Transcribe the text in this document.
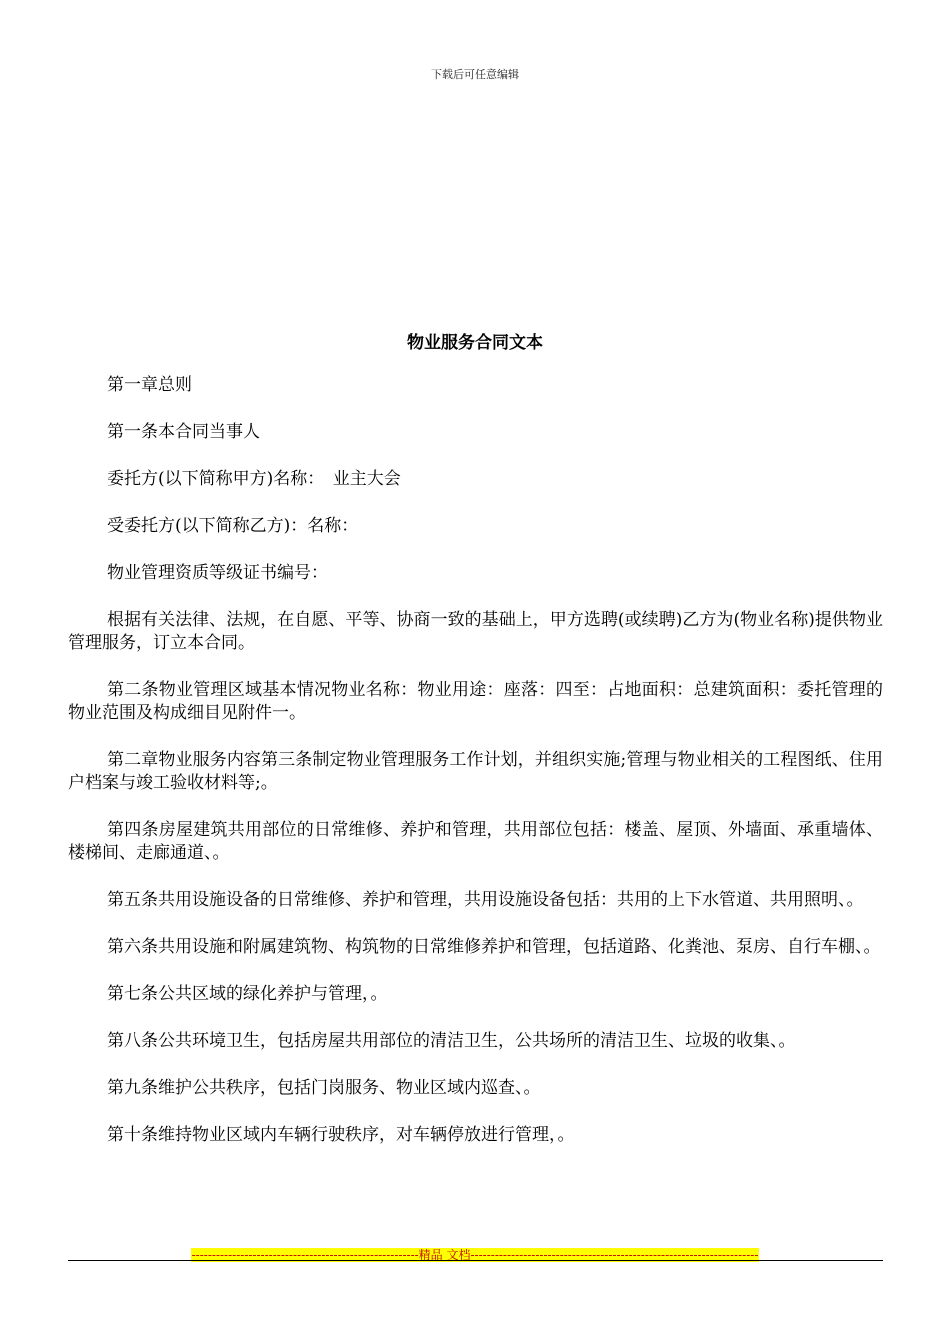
下载后可任意编辑
物业服务合同文本

第一章总则

第一条本合同当事人

委托方(以下简称甲方)名称：　业主大会

受委托方(以下简称乙方)：名称：

物业管理资质等级证书编号：

根据有关法律、法规，在自愿、平等、协商一致的基础上，甲方选聘(或续聘)乙方为(物业名称)提供物业管理服务，订立本合同。

第二条物业管理区域基本情况物业名称：物业用途：座落：四至：占地面积：总建筑面积：委托管理的物业范围及构成细目见附件一。

第二章物业服务内容第三条制定物业管理服务工作计划，并组织实施;管理与物业相关的工程图纸、住用户档案与竣工验收材料等;。

第四条房屋建筑共用部位的日常维修、养护和管理，共用部位包括：楼盖、屋顶、外墙面、承重墙体、楼梯间、走廊通道、。

第五条共用设施设备的日常维修、养护和管理，共用设施设备包括：共用的上下水管道、共用照明、。

第六条共用设施和附属建筑物、构筑物的日常维修养护和管理，包括道路、化粪池、泵房、自行车棚、。

第七条公共区域的绿化养护与管理，。

第八条公共环境卫生，包括房屋共用部位的清洁卫生，公共场所的清洁卫生、垃圾的收集、。

第九条维护公共秩序，包括门岗服务、物业区域内巡查、。

第十条维持物业区域内车辆行驶秩序，对车辆停放进行管理，。

--------------------------------------------------------精品 文档-----------------------------------------------------------------------
